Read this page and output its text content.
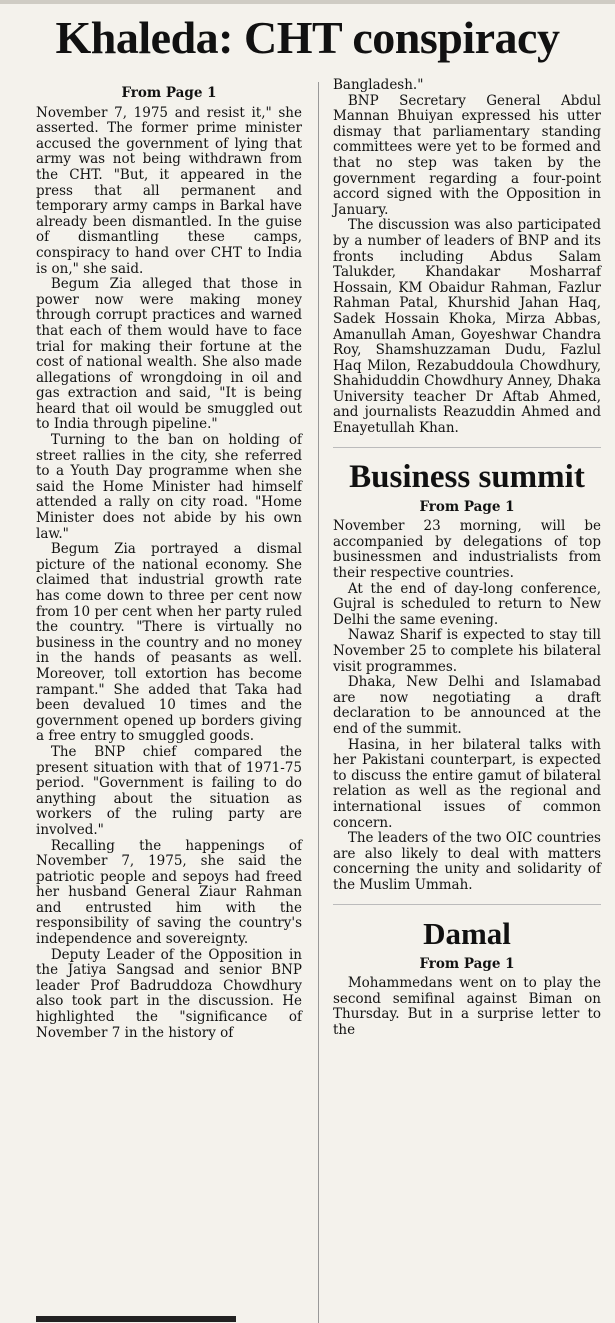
Khaleda: CHT conspiracy
From Page 1

November 7, 1975 and resist it," she asserted. The former prime minister accused the government of lying that army was not being withdrawn from the CHT. "But, it appeared in the press that all permanent and temporary army camps in Barkal have already been dismantled. In the guise of dismantling these camps, conspiracy to hand over CHT to India is on," she said.

Begum Zia alleged that those in power now were making money through corrupt practices and warned that each of them would have to face trial for making their fortune at the cost of national wealth. She also made allegations of wrongdoing in oil and gas extraction and said, "It is being heard that oil would be smuggled out to India through pipeline."

Turning to the ban on holding of street rallies in the city, she referred to a Youth Day programme when she said the Home Minister had himself attended a rally on city road. "Home Minister does not abide by his own law."

Begum Zia portrayed a dismal picture of the national economy. She claimed that industrial growth rate has come down to three per cent now from 10 per cent when her party ruled the country. "There is virtually no business in the country and no money in the hands of peasants as well. Moreover, toll extortion has become rampant." She added that Taka had been devalued 10 times and the government opened up borders giving a free entry to smuggled goods.

The BNP chief compared the present situation with that of 1971-75 period. "Government is failing to do anything about the situation as workers of the ruling party are involved."

Recalling the happenings of November 7, 1975, she said the patriotic people and sepoys had freed her husband General Ziaur Rahman and entrusted him with the responsibility of saving the country's independence and sovereignty.

Deputy Leader of the Opposition in the Jatiya Sangsad and senior BNP leader Prof Badruddoza Chowdhury also took part in the discussion. He highlighted the "significance of November 7 in the history of

Bangladesh."

BNP Secretary General Abdul Mannan Bhuiyan expressed his utter dismay that parliamentary standing committees were yet to be formed and that no step was taken by the government regarding a four-point accord signed with the Opposition in January.

The discussion was also participated by a number of leaders of BNP and its fronts including Abdus Salam Talukder, Khandakar Mosharraf Hossain, KM Obaidur Rahman, Fazlur Rahman Patal, Khurshid Jahan Haq, Sadek Hossain Khoka, Mirza Abbas, Amanullah Aman, Goyeshwar Chandra Roy, Shamshuzzaman Dudu, Fazlul Haq Milon, Rezabuddoula Chowdhury, Shahiduddin Chowdhury Anney, Dhaka University teacher Dr Aftab Ahmed, and journalists Reazuddin Ahmed and Enayetullah Khan.

Business summit
From Page 1

November 23 morning, will be accompanied by delegations of top businessmen and industrialists from their respective countries.

At the end of day-long conference, Gujral is scheduled to return to New Delhi the same evening.

Nawaz Sharif is expected to stay till November 25 to complete his bilateral visit programmes.

Dhaka, New Delhi and Islamabad are now negotiating a draft declaration to be announced at the end of the summit.

Hasina, in her bilateral talks with her Pakistani counterpart, is expected to discuss the entire gamut of bilateral relation as well as the regional and international issues of common concern.

The leaders of the two OIC countries are also likely to deal with matters concerning the unity and solidarity of the Muslim Ummah.

Damal
From Page 1

Mohammedans went on to play the second semifinal against Biman on Thursday. But in a surprise letter to the
